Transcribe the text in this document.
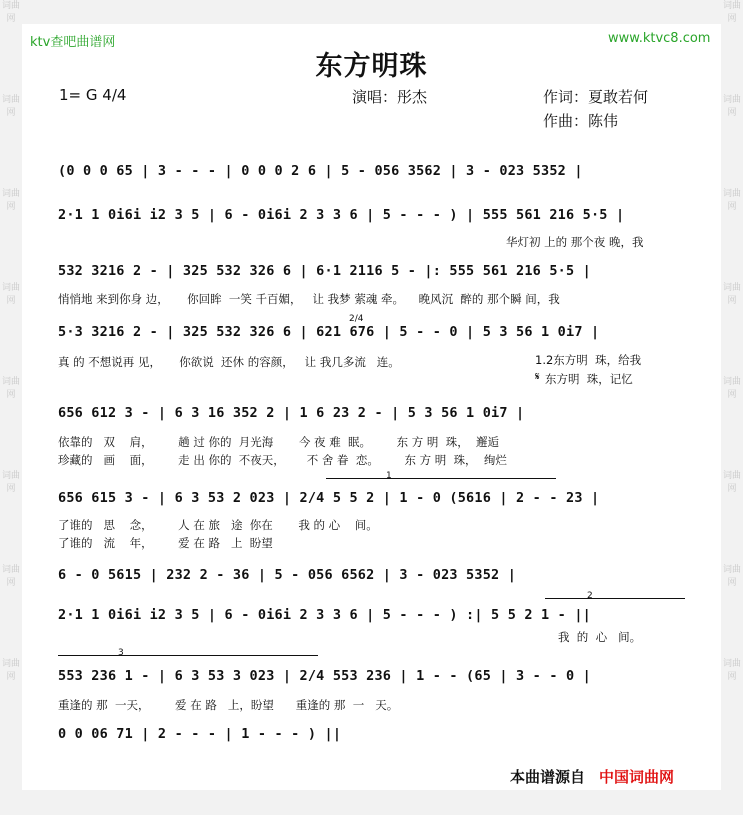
词曲网
词曲网
词曲网
词曲网
词曲网
词曲网
词曲网
词曲网
词曲网
词曲网
词曲网
词曲网
词曲网
词曲网
词曲网
词曲网
ktv查吧曲谱网	www.ktvc8.com
东方明珠
1= G 4/4	演唱：彤杰	作词：夏敢若何
作曲：陈伟
(0 0 0 65 | 3 - - - | 0 0 0 2 6 | 5 - 056 3562 | 3 - 023 5352 |
2·1 1 0i6i i2 3 5 | 6 - 0i6i 2 3 3 6 | 5 - - - ) | 555 561 216 5·5 |
华灯初 上的 那个夜 晚，我
532 3216 2 - | 325 532 326 6 | 6·1 2116 5 - |: 555 561 216 5·5 |
悄悄地 来到你身 边，     你回眸  一笑 千百媚，   让 我梦 萦魂 牵。    晚风沉  醉的 那个瞬 间，我
2/4
5·3 3216 2 - | 325 532 326 6 | 621 676 | 5 - - 0 | 5 3 56 1 0i7 |
真 的 不想说再 见，     你欲说  还休 的容颜，   让 我几多流   连。	1.2东方明  珠，给我
东方明  珠，记忆
𝄋
656 612 3 - | 6 3 16 352 2 | 1 6 23 2 - | 5 3 56 1 0i7 |
依靠的   双    肩，       趟 过 你的  月光海       今 夜 难  眠。       东 方 明  珠，  邂逅
珍藏的   画    面，       走 出 你的  不夜天，      不 舍 眷  恋。       东 方 明  珠，  绚烂
1
656 615 3 - | 6 3 53 2 023 | 2/4 5 5 2 | 1 - 0 (5616 | 2 - - 23 |
了谁的   思    念，       人 在 旅   途  你在       我 的 心    间。
了谁的   流    年，       爱 在 路   上  盼望
6 - 0 5615 | 232 2 - 36 | 5 - 056 6562 | 3 - 023 5352 |
2
2·1 1 0i6i i2 3 5 | 6 - 0i6i 2 3 3 6 | 5 - - - ) :| 5 5 2 1 - ||
我  的  心   间。
3
553 236 1 - | 6 3 53 3 023 | 2/4 553 236 | 1 - - (65 | 3 - - 0 |
重逢的 那  一天，       爱 在 路   上，盼望      重逢的 那  一   天。
0 0 06 71 | 2 - - - | 1 - - - ) ||
本曲谱源自 中国词曲网
